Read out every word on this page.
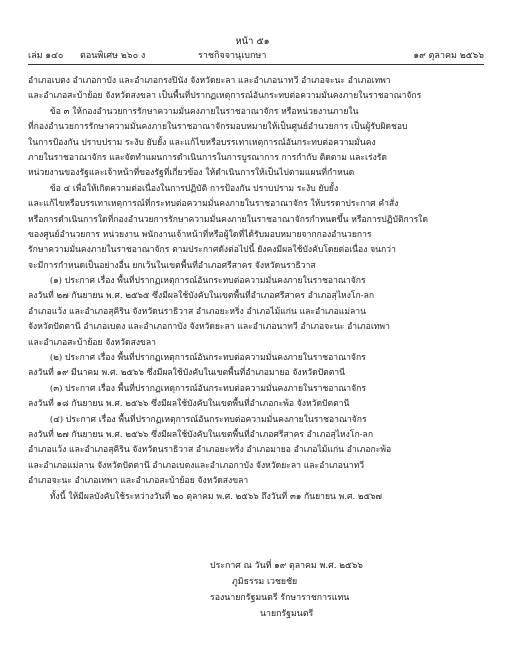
หน้า ๕๑
เล่ม ๑๔๐ ตอนพิเศษ ๒๖๐ ง	ราชกิจจานุเบกษา	๑๙ ตุลาคม ๒๕๖๖
อำเภอเบตง อำเภอกาบัง และอำเภอกรงปินัง จังหวัดยะลา และอำเภอนาทวี อำเภอจะนะ อำเภอเทพา
และอำเภอสะบ้าย้อย จังหวัดสงขลา เป็นพื้นที่ปรากฏเหตุการณ์อันกระทบต่อความมั่นคงภายในราชอาณาจักร
ข้อ ๓ ให้กองอำนวยการรักษาความมั่นคงภายในราชอาณาจักร หรือหน่วยงานภายใน
ที่กองอำนวยการรักษาความมั่นคงภายในราชอาณาจักรมอบหมายให้เป็นศูนย์อำนวยการ เป็นผู้รับผิดชอบ
ในการป้องกัน ปราบปราม ระงับ ยับยั้ง และแก้ไขหรือบรรเทาเหตุการณ์อันกระทบต่อความมั่นคง
ภายในราชอาณาจักร และจัดทำแผนการดำเนินการในการบูรณาการ การกำกับ ติดตาม และเร่งรัด
หน่วยงานของรัฐและเจ้าหน้าที่ของรัฐที่เกี่ยวข้อง ให้ดำเนินการให้เป็นไปตามแผนที่กำหนด
ข้อ ๔ เพื่อให้เกิดความต่อเนื่องในการปฏิบัติ การป้องกัน ปราบปราม ระงับ ยับยั้ง
และแก้ไขหรือบรรเทาเหตุการณ์ที่กระทบต่อความมั่นคงภายในราชอาณาจักร ให้บรรดาประกาศ คำสั่ง
หรือการดำเนินการใดที่กองอำนวยการรักษาความมั่นคงภายในราชอาณาจักรกำหนดขึ้น หรือการปฏิบัติการใด
ของศูนย์อำนวยการ หน่วยงาน พนักงานเจ้าหน้าที่หรือผู้ใดที่ได้รับมอบหมายจากกองอำนวยการ
รักษาความมั่นคงภายในราชอาณาจักร ตามประกาศดังต่อไปนี้ ยังคงมีผลใช้บังคับโดยต่อเนื่อง จนกว่า
จะมีการกำหนดเป็นอย่างอื่น ยกเว้นในเขตพื้นที่อำเภอศรีสาคร จังหวัดนราธิวาส
(๑) ประกาศ เรื่อง พื้นที่ปรากฏเหตุการณ์อันกระทบต่อความมั่นคงภายในราชอาณาจักร
ลงวันที่ ๒๗ กันยายน พ.ศ. ๒๕๖๕ ซึ่งมีผลใช้บังคับในเขตพื้นที่อำเภอศรีสาคร อำเภอสุไหงโก-ลก
อำเภอแว้ง และอำเภอสุคิริน จังหวัดนราธิวาส อำเภอยะหริ่ง อำเภอไม้แก่น และอำเภอแม่ลาน
จังหวัดปัตตานี อำเภอเบตง และอำเภอกาบัง จังหวัดยะลา และอำเภอนาทวี อำเภอจะนะ อำเภอเทพา
และอำเภอสะบ้าย้อย จังหวัดสงขลา
(๒) ประกาศ เรื่อง พื้นที่ปรากฏเหตุการณ์อันกระทบต่อความมั่นคงภายในราชอาณาจักร
ลงวันที่ ๑๙ มีนาคม พ.ศ. ๒๕๖๖ ซึ่งมีผลใช้บังคับในเขตพื้นที่อำเภอมายอ จังหวัดปัตตานี
(๓) ประกาศ เรื่อง พื้นที่ปรากฏเหตุการณ์อันกระทบต่อความมั่นคงภายในราชอาณาจักร
ลงวันที่ ๑๘ กันยายน พ.ศ. ๒๕๖๖ ซึ่งมีผลใช้บังคับในเขตพื้นที่อำเภอกะพ้อ จังหวัดปัตตานี
(๔) ประกาศ เรื่อง พื้นที่ปรากฏเหตุการณ์อันกระทบต่อความมั่นคงภายในราชอาณาจักร
ลงวันที่ ๒๗ กันยายน พ.ศ. ๒๕๖๖ ซึ่งมีผลใช้บังคับในเขตพื้นที่อำเภอศรีสาคร อำเภอสุไหงโก-ลก
อำเภอแว้ง และอำเภอสุคิริน จังหวัดนราธิวาส อำเภอยะหริ่ง อำเภอมายอ อำเภอไม้แก่น อำเภอกะพ้อ
และอำเภอแม่ลาน จังหวัดปัตตานี อำเภอเบตงและอำเภอกาบัง จังหวัดยะลา และอำเภอนาทวี
อำเภอจะนะ อำเภอเทพา และอำเภอสะบ้าย้อย จังหวัดสงขลา
ทั้งนี้ ให้มีผลบังคับใช้ระหว่างวันที่ ๒๐ ตุลาคม พ.ศ. ๒๕๖๖ ถึงวันที่ ๓๑ กันยายน พ.ศ. ๒๕๖๗
ประกาศ ณ วันที่ ๑๙ ตุลาคม พ.ศ. ๒๕๖๖
ภูมิธรรม เวชยชัย
รองนายกรัฐมนตรี รักษาราชการแทน
นายกรัฐมนตรี
